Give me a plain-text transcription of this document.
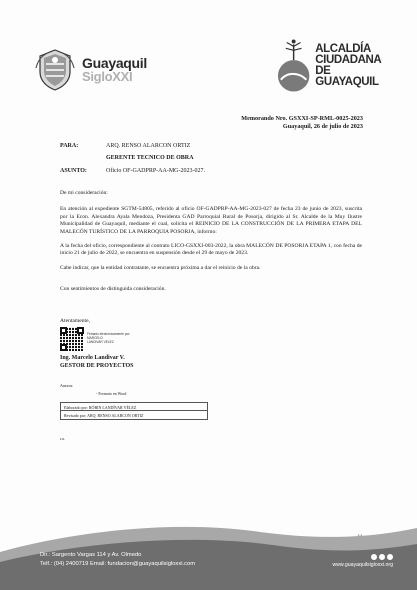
Guayaquil
SigloXXI
ALCALDÍA
CIUDADANA
DE GUAYAQUIL
Memorando Nro. GSXXI-SP-RML-0025-2023
Guayaquil, 26 de julio de 2023
PARA:	ARQ. RENSO ALARCON ORTIZ
GERENTE TECNICO DE OBRA
ASUNTO:	Oficio OF-GADPRP-AA-MG-2023-027.

De mi consideración:

En atención al expediente SGTM-54805, referido al oficio OF-GADPRP-AA-MG-2023-027 de fecha 23 de junio de 2023, suscrita por la Econ. Alexandra Ayala Mendoza, Presidenta GAD Parroquial Rural de Posorja, dirigido al Sr. Alcalde de la Muy Ilustre Municipalidad de Guayaquil, mediante el cual, solicita el REINICIO DE LA CONSTRUCCIÓN DE LA PRIMERA ETAPA DEL MALECÓN TURÍSTICO DE LA PARROQUIA POSORJA, informo:

A la fecha del oficio, correspondiente al contrato LICO-GSXXI-003-2022, la obra MALECÓN DE POSORJA ETAPA 1, con fecha de inicio 21 de julio de 2022, se encuentra en suspensión desde el 29 de mayo de 2023.

Cabe indicar, que la entidad contratante, se encuentra próxima a dar el reinicio de la obra.

Con sentimientos de distinguida consideración.

Atentamente,
Firmado electrónicamente por:
MARCELO
LANDIVAR VELEZ
Ing. Marcelo Landivar V.
GESTOR DE PROYECTOS
Anexos:
- Formato en Word
Elaborado por: RÓBIN LANDÍVAR VÉLEZ
Revisado por: ARQ. RENSO ALARCON ORTIZ
r.a.
Dir.: Sargento Vargas 114 y Av. Olmedo
Telf.: (04) 2400719 Email: fundacion@guayaquilsigloxxi.com	www.guayaquilsigloxxi.org
